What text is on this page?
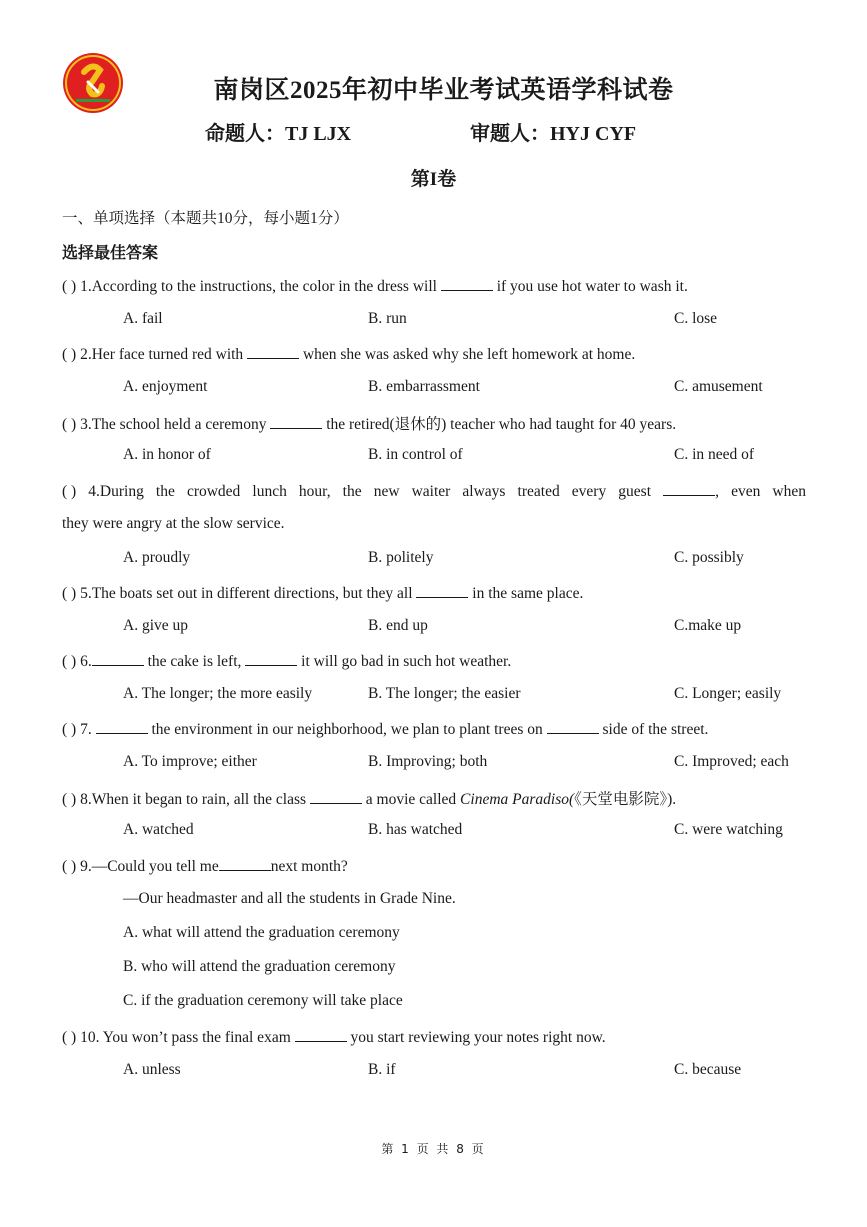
南岗区2025年初中毕业考试英语学科试卷
命题人：TJ LJX	审题人：HYJ CYF
第I卷
一、单项选择（本题共10分，每小题1分）
选择最佳答案
( ) 1.According to the instructions, the color in the dress will	if you use hot water to wash it.
A. fail	B. run	C. lose
( ) 2.Her face turned red with	when she was asked why she left homework at home.
A. enjoyment	B. embarrassment	C. amusement
( ) 3.The school held a ceremony	the retired(退休的) teacher who had taught for 40 years.
A. in honor of	B. in control of	C. in need of
( ) 4.During the crowded lunch hour, the new waiter always treated every guest	, even when
they were angry at the slow service.
A. proudly	B. politely	C. possibly
( ) 5.The boats set out in different directions, but they all	in the same place.
A. give up	B. end up	C.make up
( ) 6.	the cake is left,	it will go bad in such hot weather.
A. The longer; the more easily	B. The longer; the easier	C. Longer; easily
( ) 7.	the environment in our neighborhood, we plan to plant trees on	side of the street.
A. To improve; either	B. Improving; both	C. Improved; each
( ) 8.When it began to rain, all the class	a movie called Cinema Paradiso(《天堂电影院》).
A. watched	B. has watched	C. were watching
( ) 9.—Could you tell me	next month?
—Our headmaster and all the students in Grade Nine.
A. what will attend the graduation ceremony
B. who will attend the graduation ceremony
C. if the graduation ceremony will take place
( ) 10. You won’t pass the final exam	you start reviewing your notes right now.
A. unless	B. if	C. because
第 1 页 共 8 页
